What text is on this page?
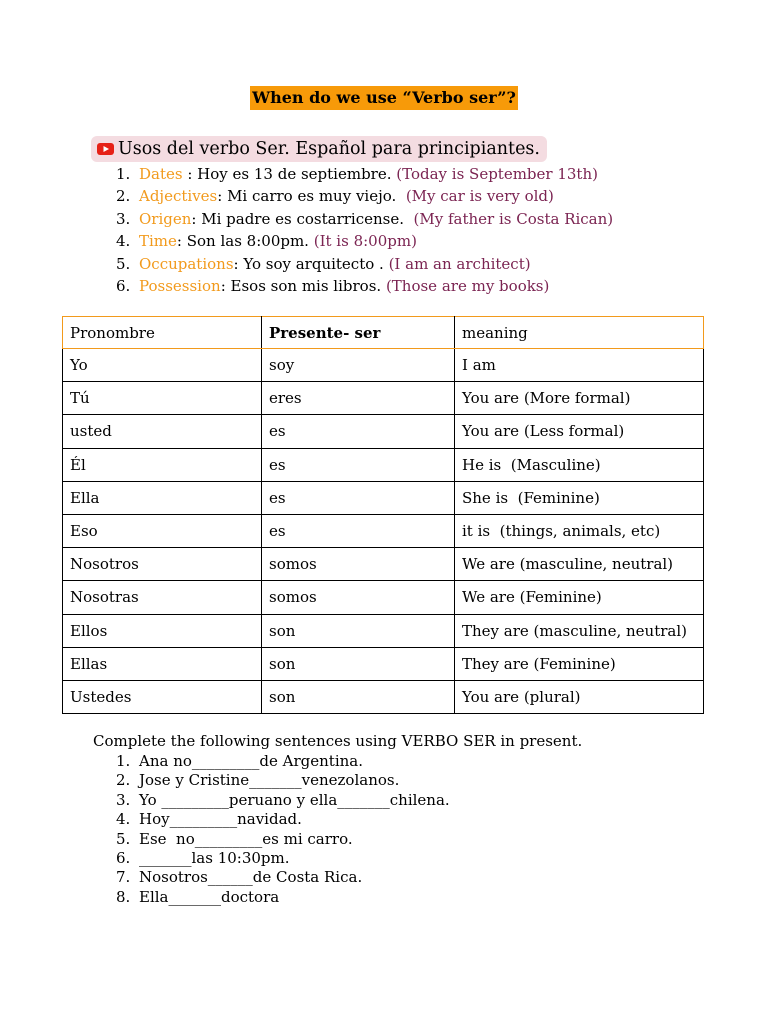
When do we use “Verbo ser”?
Usos del verbo Ser. Español para principiantes.
1. Dates : Hoy es 13 de septiembre. (Today is September 13th)
2. Adjectives: Mi carro es muy viejo.  (My car is very old)
3. Origen: Mi padre es costarricense.  (My father is Costa Rican)
4. Time: Son las 8:00pm. (It is 8:00pm)
5. Occupations: Yo soy arquitecto . (I am an architect)
6. Possession: Esos son mis libros. (Those are my books)
Pronombre	Presente- ser	meaning
Yo	soy	I am
Tú	eres	You are (More formal)
usted	es	You are (Less formal)
Él	es	He is  (Masculine)
Ella	es	She is  (Feminine)
Eso	es	it is  (things, animals, etc)
Nosotros	somos	We are (masculine, neutral)
Nosotras	somos	We are (Feminine)
Ellos	son	They are (masculine, neutral)
Ellas	son	They are (Feminine)
Ustedes	son	You are (plural)
Complete the following sentences using VERBO SER in present.
1. Ana no_________de Argentina.
2. Jose y Cristine_______venezolanos.
3. Yo _________peruano y ella_______chilena.
4. Hoy_________navidad.
5. Ese  no_________es mi carro.
6. _______las 10:30pm.
7. Nosotros______de Costa Rica.
8. Ella_______doctora
